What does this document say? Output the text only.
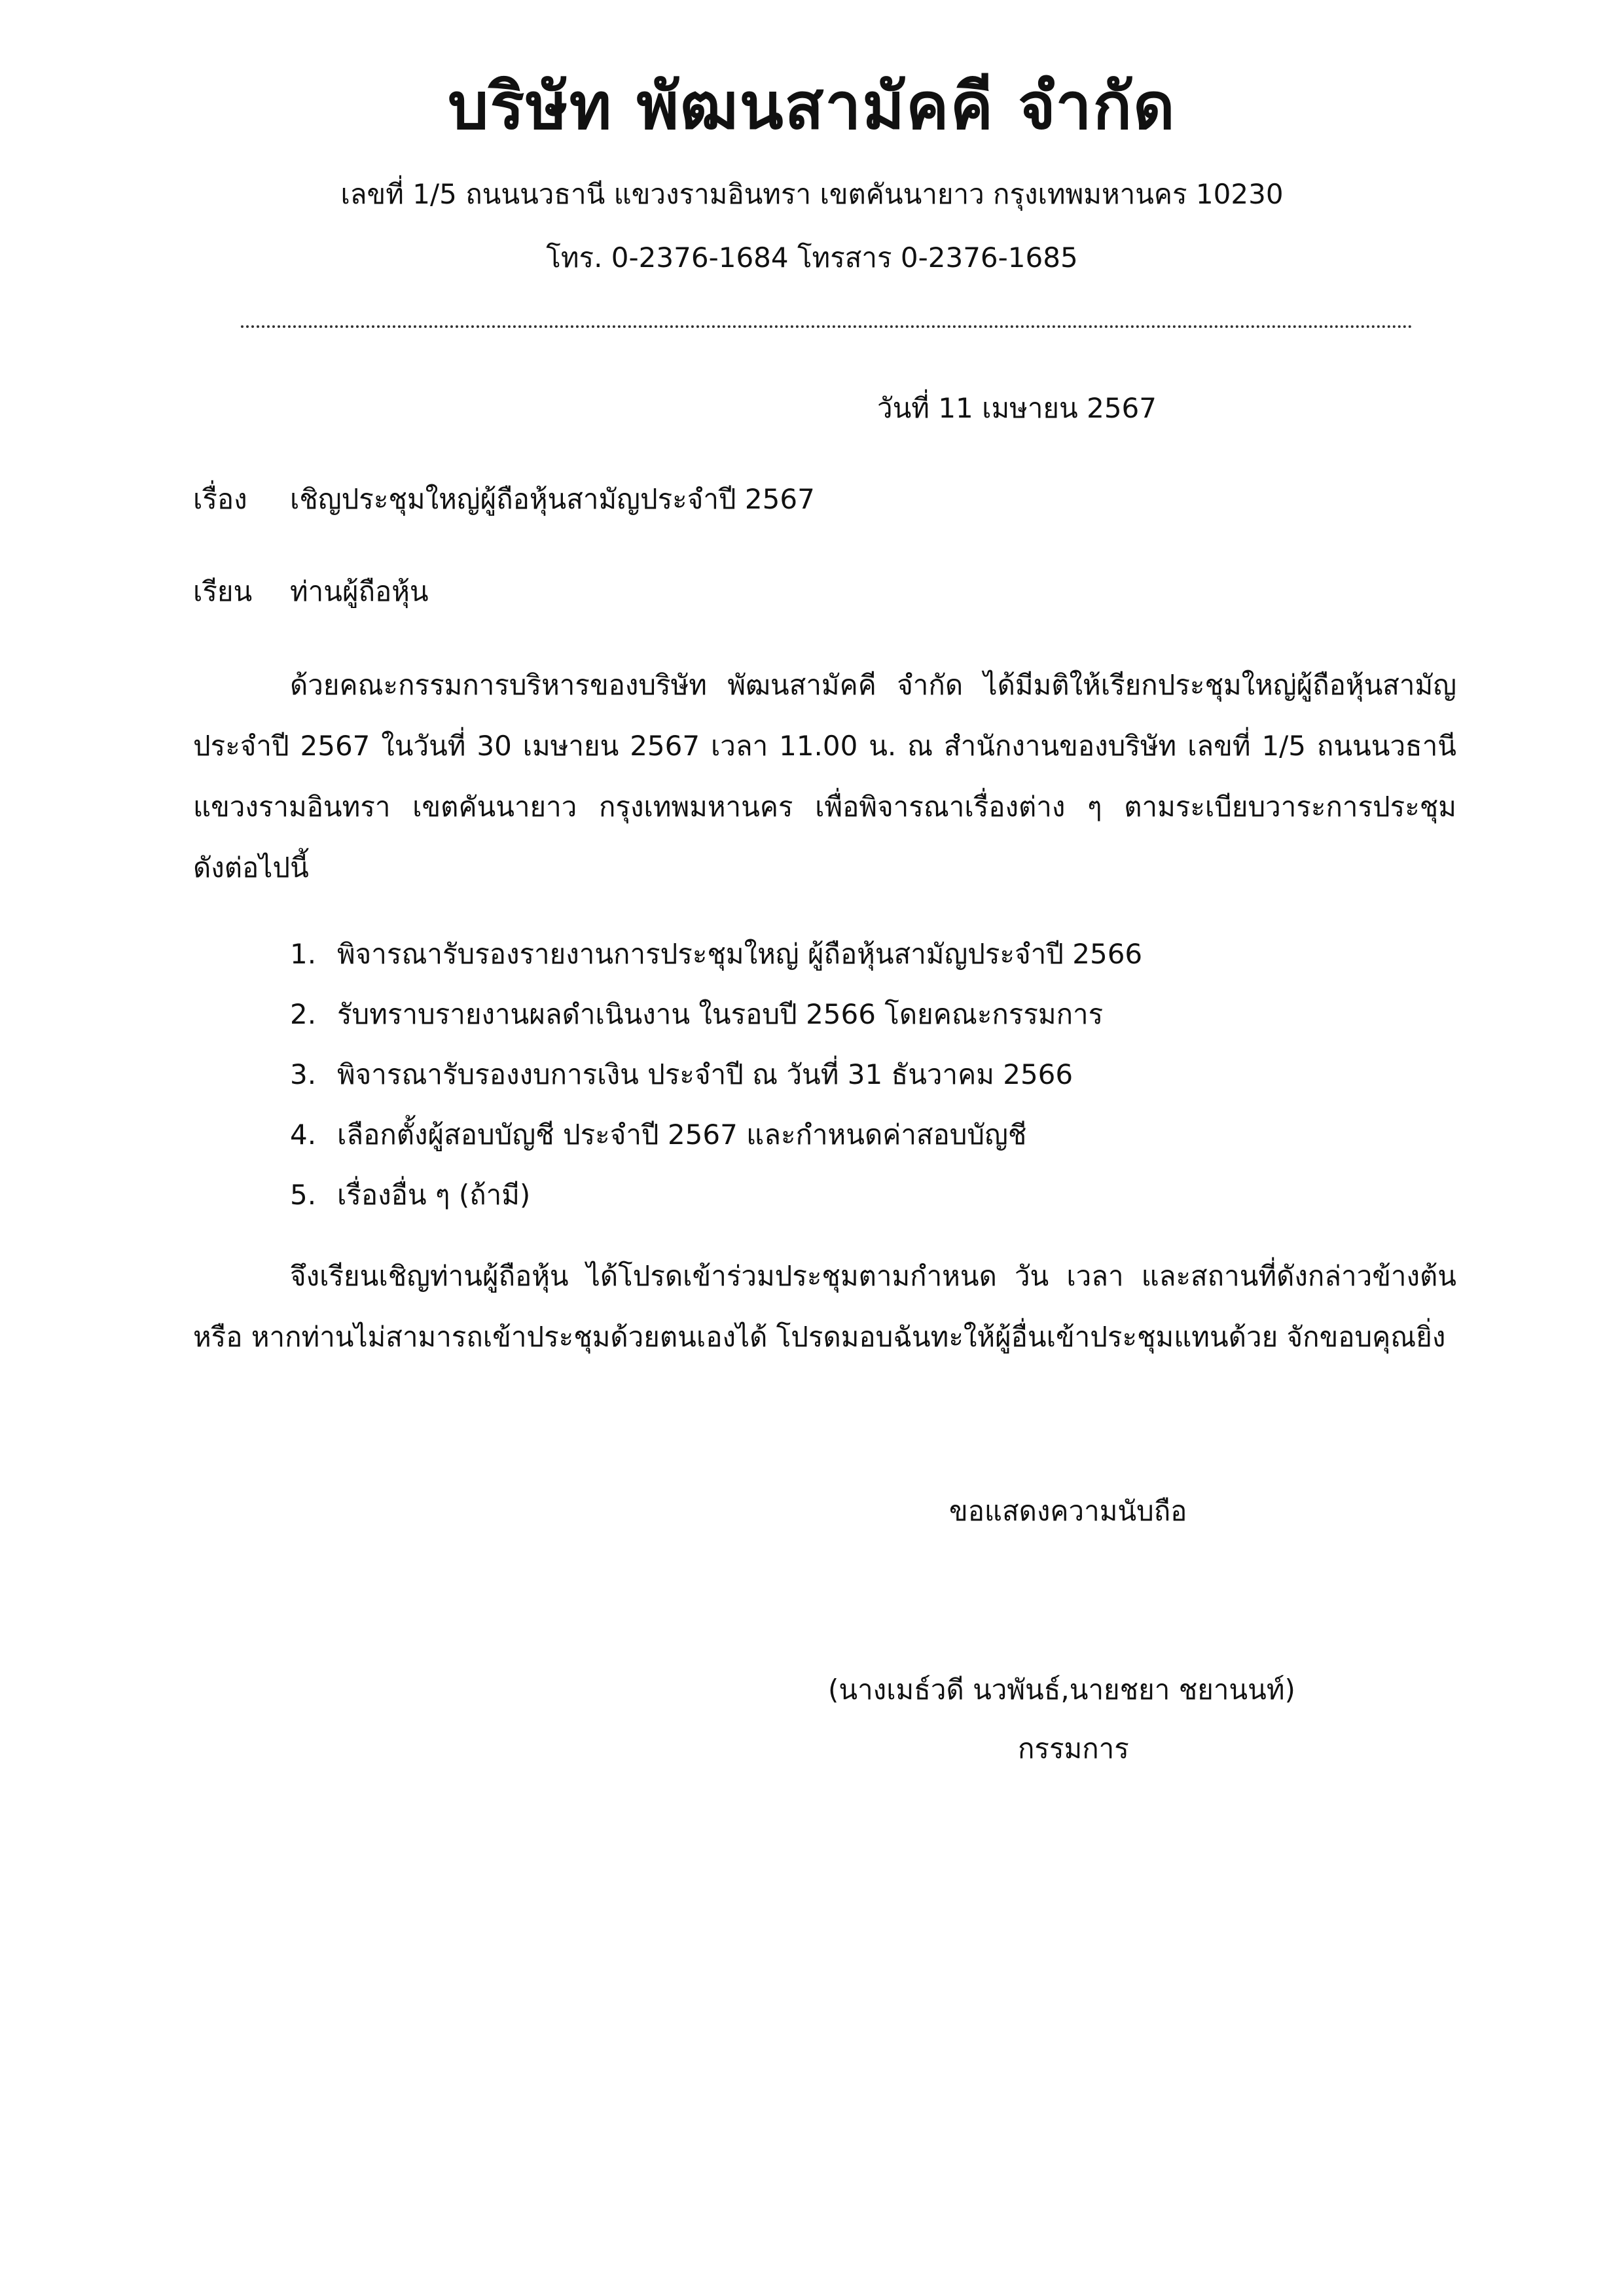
บริษัท พัฒนสามัคคี จำกัด
เลขที่ 1/5 ถนนนวธานี แขวงรามอินทรา เขตคันนายาว กรุงเทพมหานคร 10230
โทร. 0-2376-1684 โทรสาร 0-2376-1685
วันที่ 11 เมษายน 2567
เรื่อง เชิญประชุมใหญ่ผู้ถือหุ้นสามัญประจำปี 2567
เรียน ท่านผู้ถือหุ้น
ด้วยคณะกรรมการบริหารของบริษัท พัฒนสามัคคี จำกัด ได้มีมติให้เรียกประชุมใหญ่ผู้ถือหุ้นสามัญ
ประจำปี 2567 ในวันที่ 30 เมษายน 2567 เวลา 11.00 น. ณ สำนักงานของบริษัท เลขที่ 1/5 ถนนนวธานี
แขวงรามอินทรา เขตคันนายาว กรุงเทพมหานคร เพื่อพิจารณาเรื่องต่าง ๆ ตามระเบียบวาระการประชุม
ดังต่อไปนี้
1. พิจารณารับรองรายงานการประชุมใหญ่ ผู้ถือหุ้นสามัญประจำปี 2566
2. รับทราบรายงานผลดำเนินงาน ในรอบปี 2566 โดยคณะกรรมการ
3. พิจารณารับรองงบการเงิน ประจำปี ณ วันที่ 31 ธันวาคม 2566
4. เลือกตั้งผู้สอบบัญชี ประจำปี 2567 และกำหนดค่าสอบบัญชี
5. เรื่องอื่น ๆ (ถ้ามี)
จึงเรียนเชิญท่านผู้ถือหุ้น ได้โปรดเข้าร่วมประชุมตามกำหนด วัน เวลา และสถานที่ดังกล่าวข้างต้น
หรือ หากท่านไม่สามารถเข้าประชุมด้วยตนเองได้ โปรดมอบฉันทะให้ผู้อื่นเข้าประชุมแทนด้วย จักขอบคุณยิ่ง
ขอแสดงความนับถือ
(นางเมธ์วดี นวพันธ์,นายชยา ชยานนท์)
กรรมการ
